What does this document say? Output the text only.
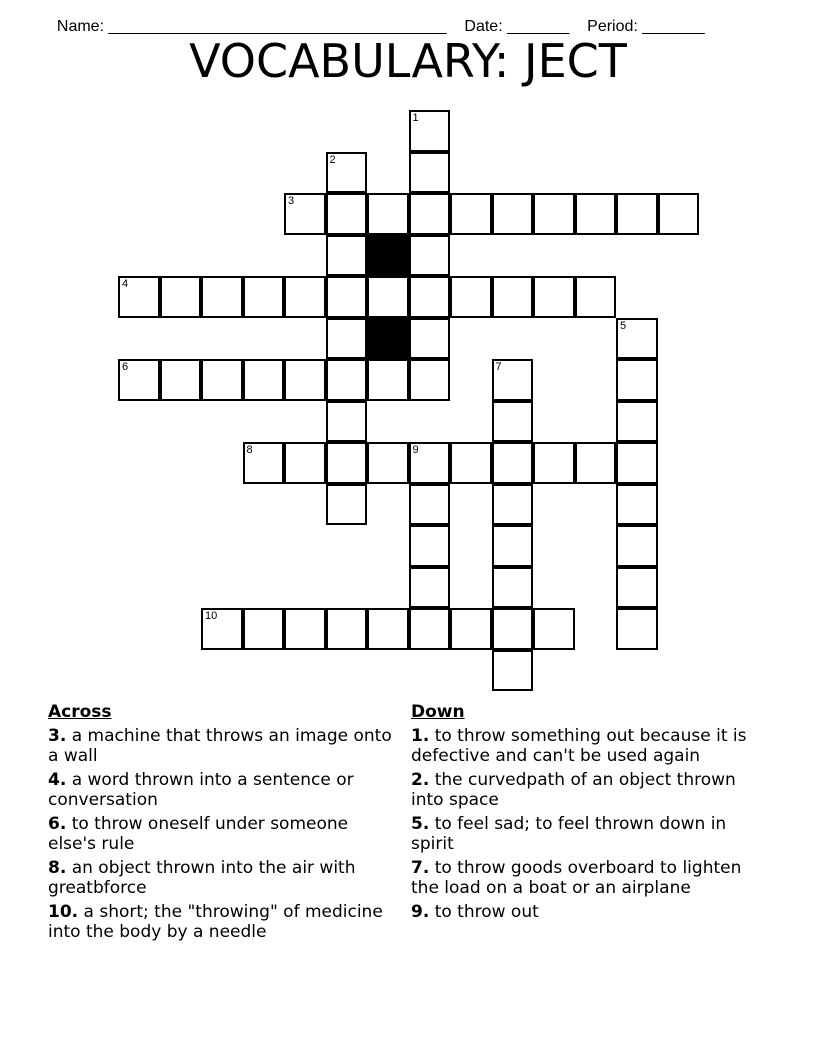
Name: ______________________________________ Date: _______ Period: _______

VOCABULARY: JECT
1
2
3
4
5
6	7
8	9
10
Across
3. a machine that throws an image onto a wall
4. a word thrown into a sentence or conversation
6. to throw oneself under someone else's rule
8. an object thrown into the air with greatbforce
10. a short; the "throwing" of medicine into the body by a needle
Down
1. to throw something out because it is defective and can't be used again
2. the curvedpath of an object thrown into space
5. to feel sad; to feel thrown down in spirit
7. to throw goods overboard to lighten the load on a boat or an airplane
9. to throw out
